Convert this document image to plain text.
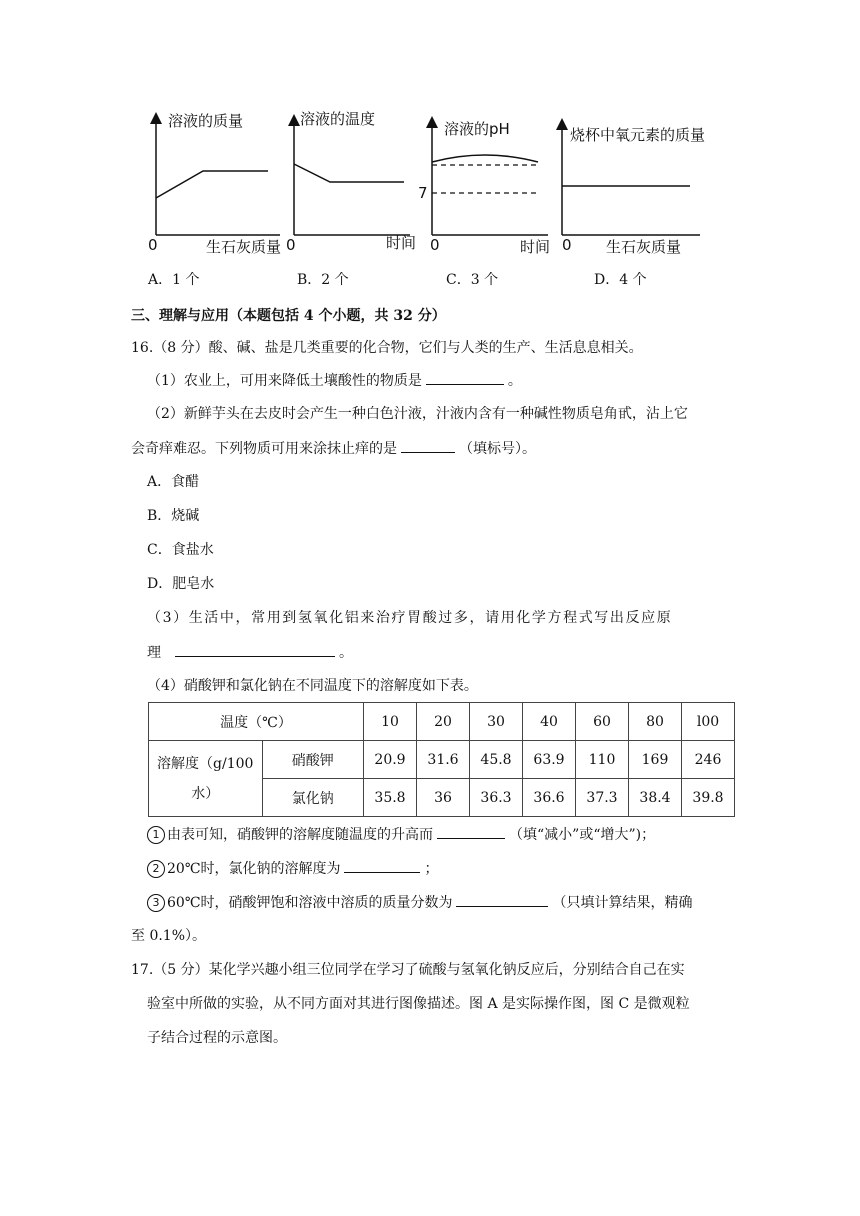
溶液的质量
0	生石灰质量
溶液的温度
0	时间
溶液的pH
7
0	时间
烧杯中氧元素的质量
0 生石灰质量
A．1 个	B．2 个	C．3 个	D．4 个
三、理解与应用（本题包括 4 个小题，共 32 分）
16.（8 分）酸、碱、盐是几类重要的化合物，它们与人类的生产、生活息息相关。
（1）农业上，可用来降低土壤酸性的物质是	。
（2）新鲜芋头在去皮时会产生一种白色汁液，汁液内含有一种碱性物质皂角甙，沾上它
会奇痒难忍。下列物质可用来涂抹止痒的是	（填标号）。
A．食醋
B．烧碱
C．食盐水
D．肥皂水
（3）生活中，常用到氢氧化铝来治疗胃酸过多，请用化学方程式写出反应原
理	。
（4）硝酸钾和氯化钠在不同温度下的溶解度如下表。
温度（℃）		10	20	30	40	60	80	l00

溶解度（g/100
水）	硝酸钾	20.9	31.6	45.8	63.9	110	169	246
	氯化钠	35.8	36	36.3	36.6	37.3	38.4	39.8
1 由表可知，硝酸钾的溶解度随温度的升高而	（填“减小”或“增大”)；
2 20℃时，氯化钠的溶解度为	；
3 60℃时，硝酸钾饱和溶液中溶质的质量分数为	（只填计算结果，精确
至 0.1%）。
17.（5 分）某化学兴趣小组三位同学在学习了硫酸与氢氧化钠反应后，分别结合自己在实
验室中所做的实验，从不同方面对其进行图像描述。图 A 是实际操作图，图 C 是微观粒
子结合过程的示意图。
